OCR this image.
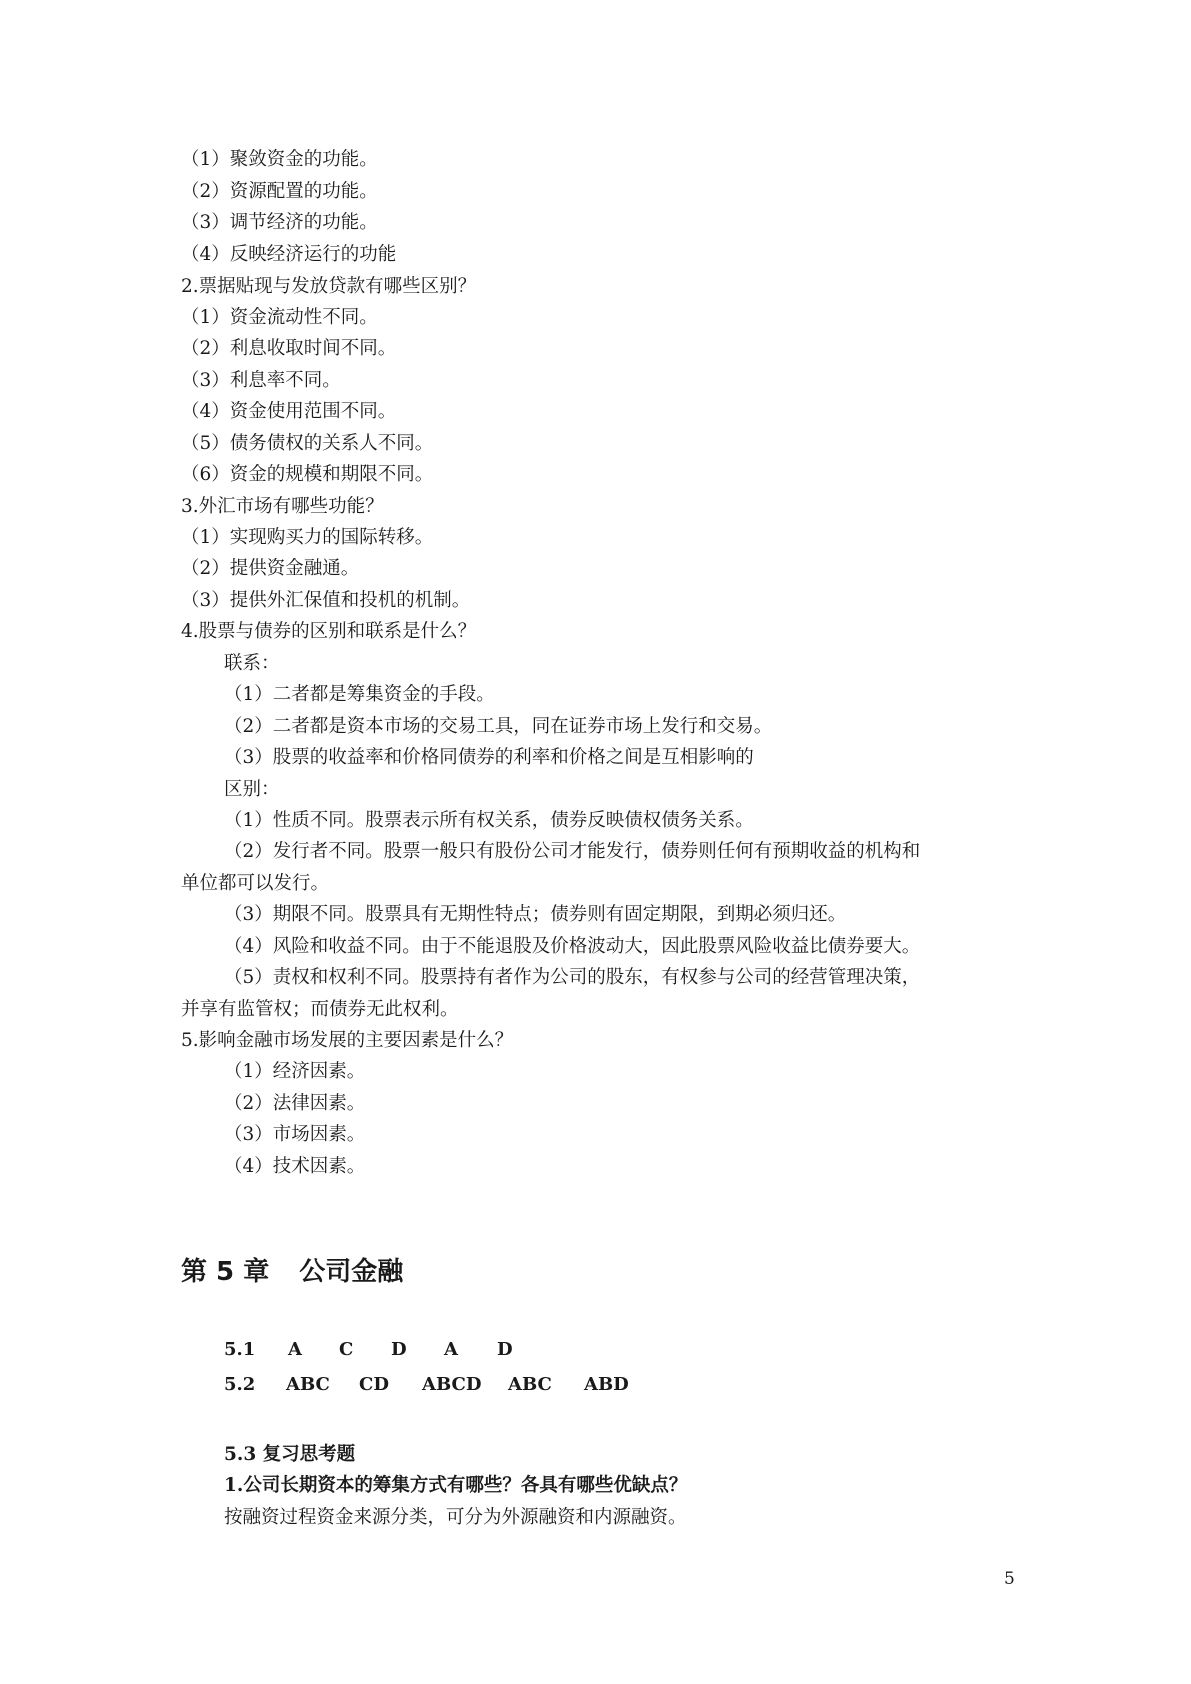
（1）聚敛资金的功能。
（2）资源配置的功能。
（3）调节经济的功能。
（4）反映经济运行的功能
2.票据贴现与发放贷款有哪些区别？
（1）资金流动性不同。
（2）利息收取时间不同。
（3）利息率不同。
（4）资金使用范围不同。
（5）债务债权的关系人不同。
（6）资金的规模和期限不同。
3.外汇市场有哪些功能？
（1）实现购买力的国际转移。
（2）提供资金融通。
（3）提供外汇保值和投机的机制。
4.股票与债券的区别和联系是什么？
联系：
（1）二者都是筹集资金的手段。
（2）二者都是资本市场的交易工具，同在证券市场上发行和交易。
（3）股票的收益率和价格同债券的利率和价格之间是互相影响的
区别：
（1）性质不同。股票表示所有权关系，债券反映债权债务关系。
（2）发行者不同。股票一般只有股份公司才能发行，债券则任何有预期收益的机构和
单位都可以发行。
（3）期限不同。股票具有无期性特点；债券则有固定期限，到期必须归还。
（4）风险和收益不同。由于不能退股及价格波动大，因此股票风险收益比债券要大。
（5）责权和权利不同。股票持有者作为公司的股东，有权参与公司的经营管理决策，
并享有监管权；而债券无此权利。
5.影响金融市场发展的主要因素是什么？
（1）经济因素。
（2）法律因素。
（3）市场因素。
（4）技术因素。
第 5 章 公司金融
5.1 A C D A D
5.2 ABC CD ABCD ABC ABD
5.3 复习思考题
1.公司长期资本的筹集方式有哪些？各具有哪些优缺点？
按融资过程资金来源分类，可分为外源融资和内源融资。
5
